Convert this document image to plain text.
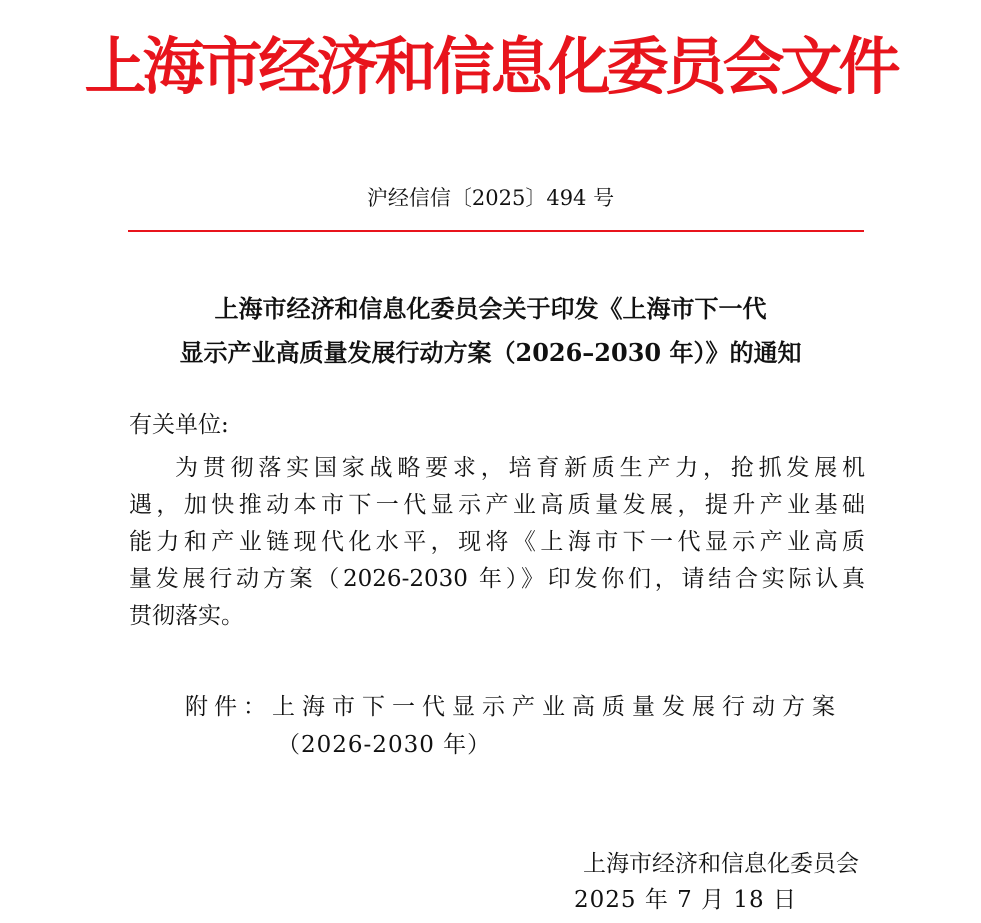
上海市经济和信息化委员会文件
沪经信信〔2025〕494 号
上海市经济和信息化委员会关于印发《上海市下一代
显示产业高质量发展行动方案（2026–2030 年）》的通知
有关单位:
为贯彻落实国家战略要求，培育新质生产力，抢抓发展机
遇，加快推动本市下一代显示产业高质量发展，提升产业基础
能力和产业链现代化水平，现将《上海市下一代显示产业高质
量发展行动方案（2026-2030 年）》印发你们，请结合实际认真
贯彻落实。
附件：上海市下一代显示产业高质量发展行动方案
（2026-2030 年）
上海市经济和信息化委员会
2025 年 7 月 18 日
